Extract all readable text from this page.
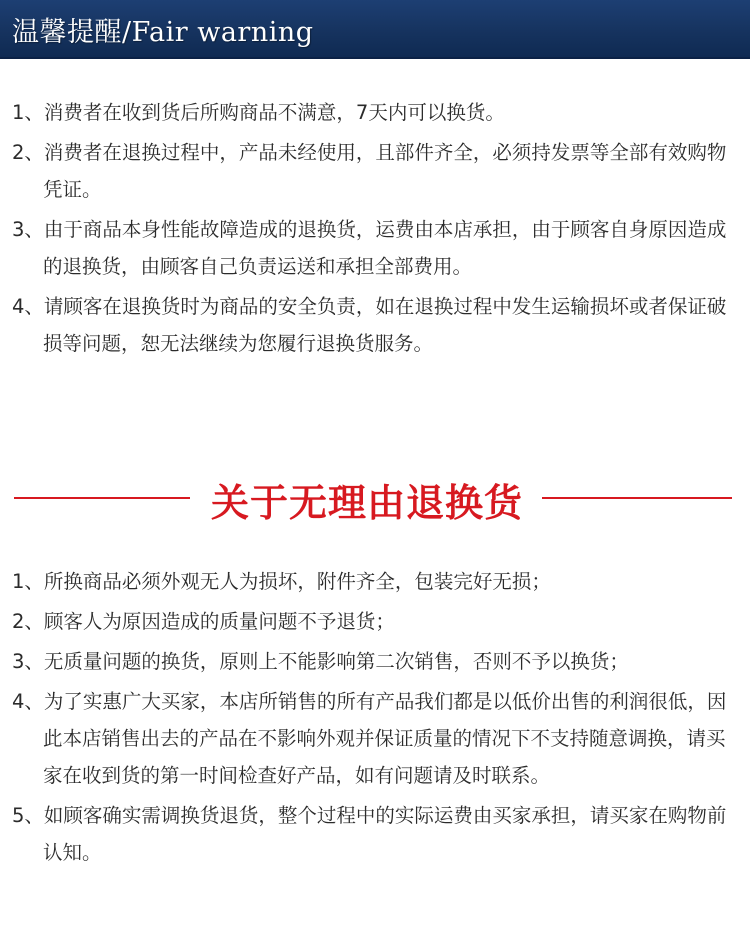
温馨提醒/Fair warning
1、消费者在收到货后所购商品不满意，7天内可以换货。
2、消费者在退换过程中，产品未经使用，且部件齐全，必须持发票等全部有效购物凭证。
3、由于商品本身性能故障造成的退换货，运费由本店承担，由于顾客自身原因造成的退换货，由顾客自己负责运送和承担全部费用。
4、请顾客在退换货时为商品的安全负责，如在退换过程中发生运输损坏或者保证破损等问题，恕无法继续为您履行退换货服务。
关于无理由退换货
1、所换商品必须外观无人为损坏，附件齐全，包装完好无损；
2、顾客人为原因造成的质量问题不予退货；
3、无质量问题的换货，原则上不能影响第二次销售，否则不予以换货；
4、为了实惠广大买家，本店所销售的所有产品我们都是以低价出售的利润很低，因此本店销售出去的产品在不影响外观并保证质量的情况下不支持随意调换，请买家在收到货的第一时间检查好产品，如有问题请及时联系。
5、如顾客确实需调换货退货，整个过程中的实际运费由买家承担，请买家在购物前认知。
